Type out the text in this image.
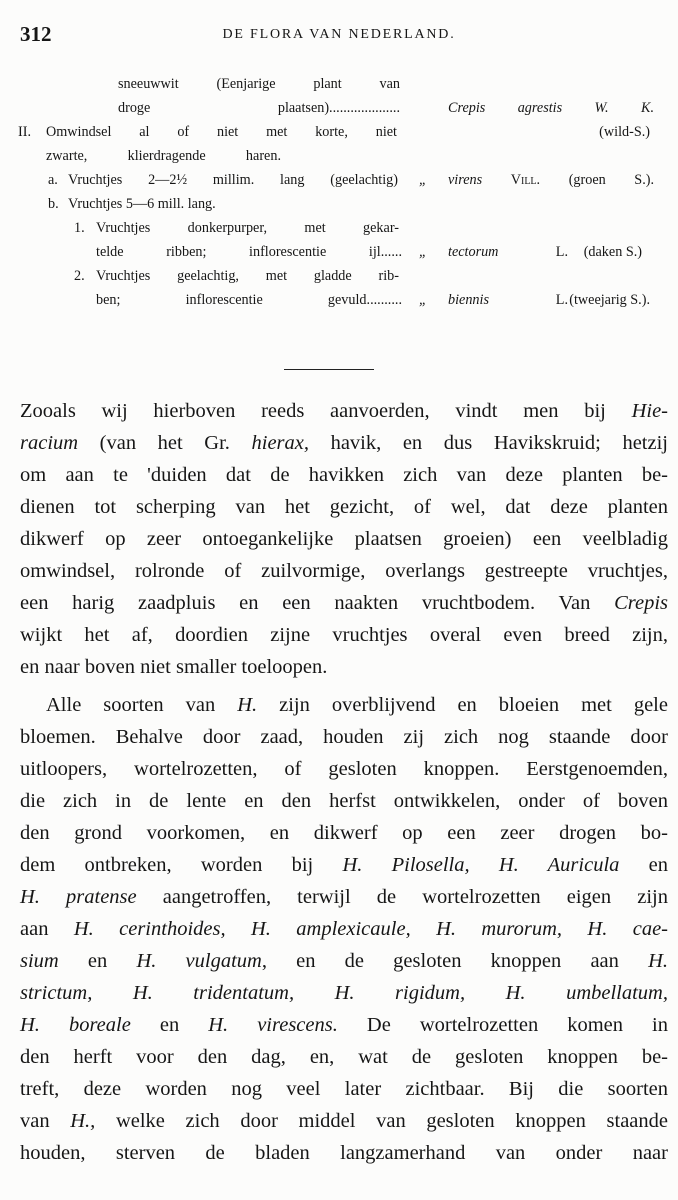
312	DE FLORA VAN NEDERLAND.
sneeuwwit (Eenjarige plant van
droge plaatsen)....................	Crepis agrestis W. K.
II.	Omwindsel al of niet met korte, niet	(wild-S.)
zwarte, klierdragende haren.
a. Vruchtjes 2—2½ millim. lang (geelachtig) „ virens Vill. (groen S.).
b. Vruchtjes 5—6 mill. lang.
1. Vruchtjes donkerpurper, met gekar-
telde ribben; inflorescentie ijl...... „ tectorum	L. (daken S.)
2. Vruchtjes geelachtig, met gladde rib-
ben; inflorescentie gevuld.......... „ biennis	L. (tweejarig S.).
Zooals wij hierboven reeds aanvoerden, vindt men bij Hie-
racium (van het Gr. hierax, havik, en dus Havikskruid; hetzij
om aan te 'duiden dat de havikken zich van deze planten be-
dienen tot scherping van het gezicht, of wel, dat deze planten
dikwerf op zeer ontoegankelijke plaatsen groeien) een veelbladig
omwindsel, rolronde of zuilvormige, overlangs gestreepte vruchtjes,
een harig zaadpluis en een naakten vruchtbodem. Van Crepis
wijkt het af, doordien zijne vruchtjes overal even breed zijn,
en naar boven niet smaller toeloopen.
Alle soorten van H. zijn overblijvend en bloeien met gele
bloemen. Behalve door zaad, houden zij zich nog staande door
uitloopers, wortelrozetten, of gesloten knoppen. Eerstgenoemden,
die zich in de lente en den herfst ontwikkelen, onder of boven
den grond voorkomen, en dikwerf op een zeer drogen bo-
dem ontbreken, worden bij H. Pilosella, H. Auricula en
H. pratense aangetroffen, terwijl de wortelrozetten eigen zijn
aan H. cerinthoides, H. amplexicaule, H. murorum, H. cae-
sium en H. vulgatum, en de gesloten knoppen aan H.
strictum, H. tridentatum, H. rigidum, H. umbellatum,
H. boreale en H. virescens. De wortelrozetten komen in
den herft voor den dag, en, wat de gesloten knoppen be-
treft, deze worden nog veel later zichtbaar. Bij die soorten
van H., welke zich door middel van gesloten knoppen staande
houden, sterven de bladen langzamerhand van onder naar
